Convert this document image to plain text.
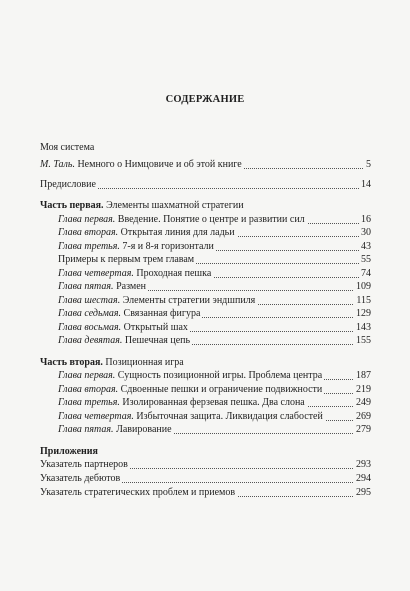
СОДЕРЖАНИЕ
Моя система
М. Таль. Немного о Нимцовиче и об этой книге	5
Предисловие	14
Часть первая. Элементы шахматной стратегии
Глава первая. Введение. Понятие о центре и развитии сил	16
Глава вторая. Открытая линия для ладьи	30
Глава третья. 7-я и 8-я горизонтали	43
Примеры к первым трем главам	55
Глава четвертая. Проходная пешка	74
Глава пятая. Размен	109
Глава шестая. Элементы стратегии эндшпиля	115
Глава седьмая. Связанная фигура	129
Глава восьмая. Открытый шах	143
Глава девятая. Пешечная цепь	155
Часть вторая. Позиционная игра
Глава первая. Сущность позиционной игры. Проблема центра	187
Глава вторая. Сдвоенные пешки и ограничение подвижности	219
Глава третья. Изолированная ферзевая пешка. Два слона	249
Глава четвертая. Избыточная защита. Ликвидация слабостей	269
Глава пятая. Лавирование	279
Приложения
Указатель партнеров	293
Указатель дебютов	294
Указатель стратегических проблем и приемов	295
